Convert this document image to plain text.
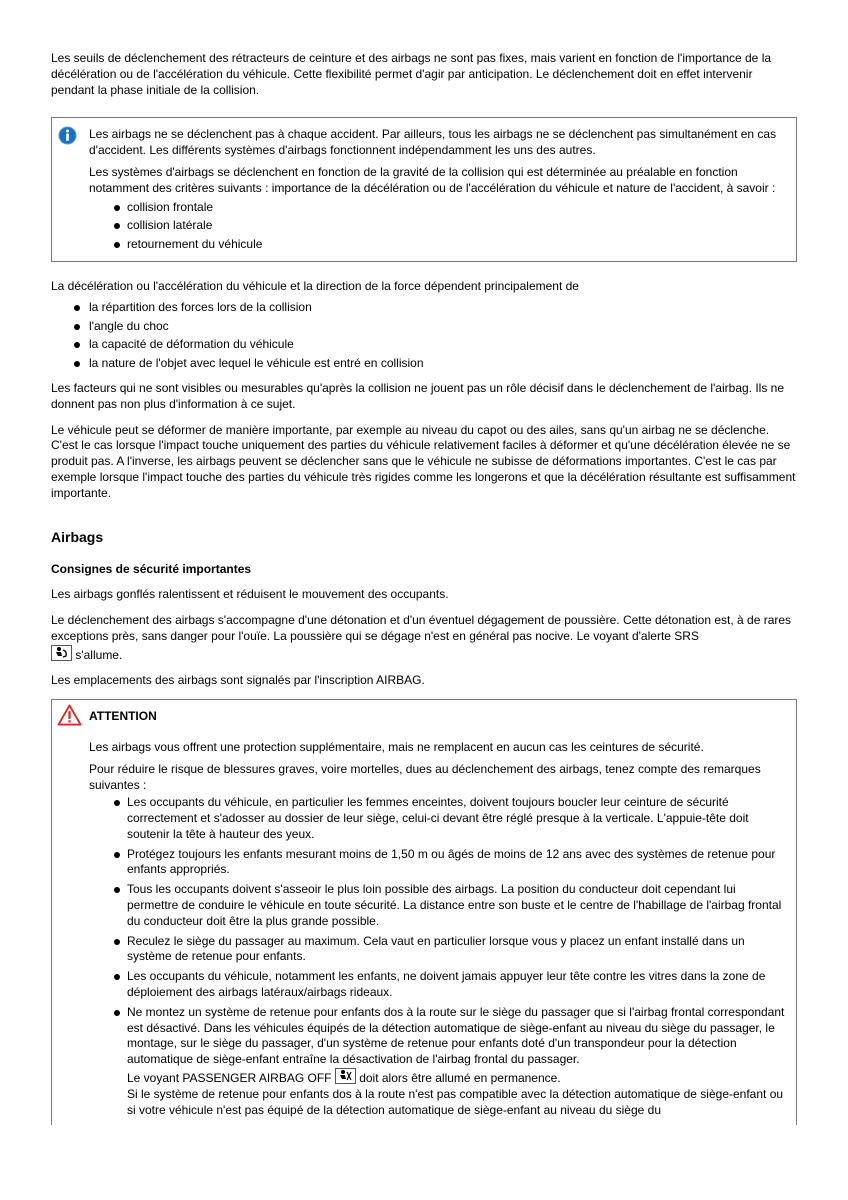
Les seuils de déclenchement des rétracteurs de ceinture et des airbags ne sont pas fixes, mais varient en fonction de l'importance de la décélération ou de l'accélération du véhicule. Cette flexibilité permet d'agir par anticipation. Le déclenchement doit en effet intervenir pendant la phase initiale de la collision.

Les airbags ne se déclenchent pas à chaque accident. Par ailleurs, tous les airbags ne se déclenchent pas simultanément en cas d'accident. Les différents systèmes d'airbags fonctionnent indépendamment les uns des autres.

Les systèmes d'airbags se déclenchent en fonction de la gravité de la collision qui est déterminée au préalable en fonction notamment des critères suivants : importance de la décélération ou de l'accélération du véhicule et nature de l'accident, à savoir :

collision frontale
collision latérale
retournement du véhicule

La décélération ou l'accélération du véhicule et la direction de la force dépendent principalement de

la répartition des forces lors de la collision
l'angle du choc
la capacité de déformation du véhicule
la nature de l'objet avec lequel le véhicule est entré en collision

Les facteurs qui ne sont visibles ou mesurables qu'après la collision ne jouent pas un rôle décisif dans le déclenchement de l'airbag. Ils ne donnent pas non plus d'information à ce sujet.

Le véhicule peut se déformer de manière importante, par exemple au niveau du capot ou des ailes, sans qu'un airbag ne se déclenche. C'est le cas lorsque l'impact touche uniquement des parties du véhicule relativement faciles à déformer et qu'une décélération élevée ne se produit pas. A l'inverse, les airbags peuvent se déclencher sans que le véhicule ne subisse de déformations importantes. C'est le cas par exemple lorsque l'impact touche des parties du véhicule très rigides comme les longerons et que la décélération résultante est suffisamment importante.

Airbags
Consignes de sécurité importantes

Les airbags gonflés ralentissent et réduisent le mouvement des occupants.

Le déclenchement des airbags s'accompagne d'une détonation et d'un éventuel dégagement de poussière. Cette détonation est, à de rares exceptions près, sans danger pour l'ouïe. La poussière qui se dégage n'est en général pas nocive. Le voyant d'alerte SRS

s'allume.

Les emplacements des airbags sont signalés par l'inscription AIRBAG.

ATTENTION

Les airbags vous offrent une protection supplémentaire, mais ne remplacent en aucun cas les ceintures de sécurité.

Pour réduire le risque de blessures graves, voire mortelles, dues au déclenchement des airbags, tenez compte des remarques suivantes :

Les occupants du véhicule, en particulier les femmes enceintes, doivent toujours boucler leur ceinture de sécurité correctement et s'adosser au dossier de leur siège, celui-ci devant être réglé presque à la verticale. L'appuie-tête doit soutenir la tête à hauteur des yeux.
Protégez toujours les enfants mesurant moins de 1,50 m ou âgés de moins de 12 ans avec des systèmes de retenue pour enfants appropriés.
Tous les occupants doivent s'asseoir le plus loin possible des airbags. La position du conducteur doit cependant lui permettre de conduire le véhicule en toute sécurité. La distance entre son buste et le centre de l'habillage de l'airbag frontal du conducteur doit être la plus grande possible.
Reculez le siège du passager au maximum. Cela vaut en particulier lorsque vous y placez un enfant installé dans un système de retenue pour enfants.
Les occupants du véhicule, notamment les enfants, ne doivent jamais appuyer leur tête contre les vitres dans la zone de déploiement des airbags latéraux/airbags rideaux.
Ne montez un système de retenue pour enfants dos à la route sur le siège du passager que si l'airbag frontal correspondant est désactivé. Dans les véhicules équipés de la détection automatique de siège-enfant au niveau du siège du passager, le montage, sur le siège du passager, d'un système de retenue pour enfants doté d'un transpondeur pour la détection automatique de siège-enfant entraîne la désactivation de l'airbag frontal du passager.
Le voyant PASSENGER AIRBAG OFF doit alors être allumé en permanence.
Si le système de retenue pour enfants dos à la route n'est pas compatible avec la détection automatique de siège-enfant ou si votre véhicule n'est pas équipé de la détection automatique de siège-enfant au niveau du siège du
